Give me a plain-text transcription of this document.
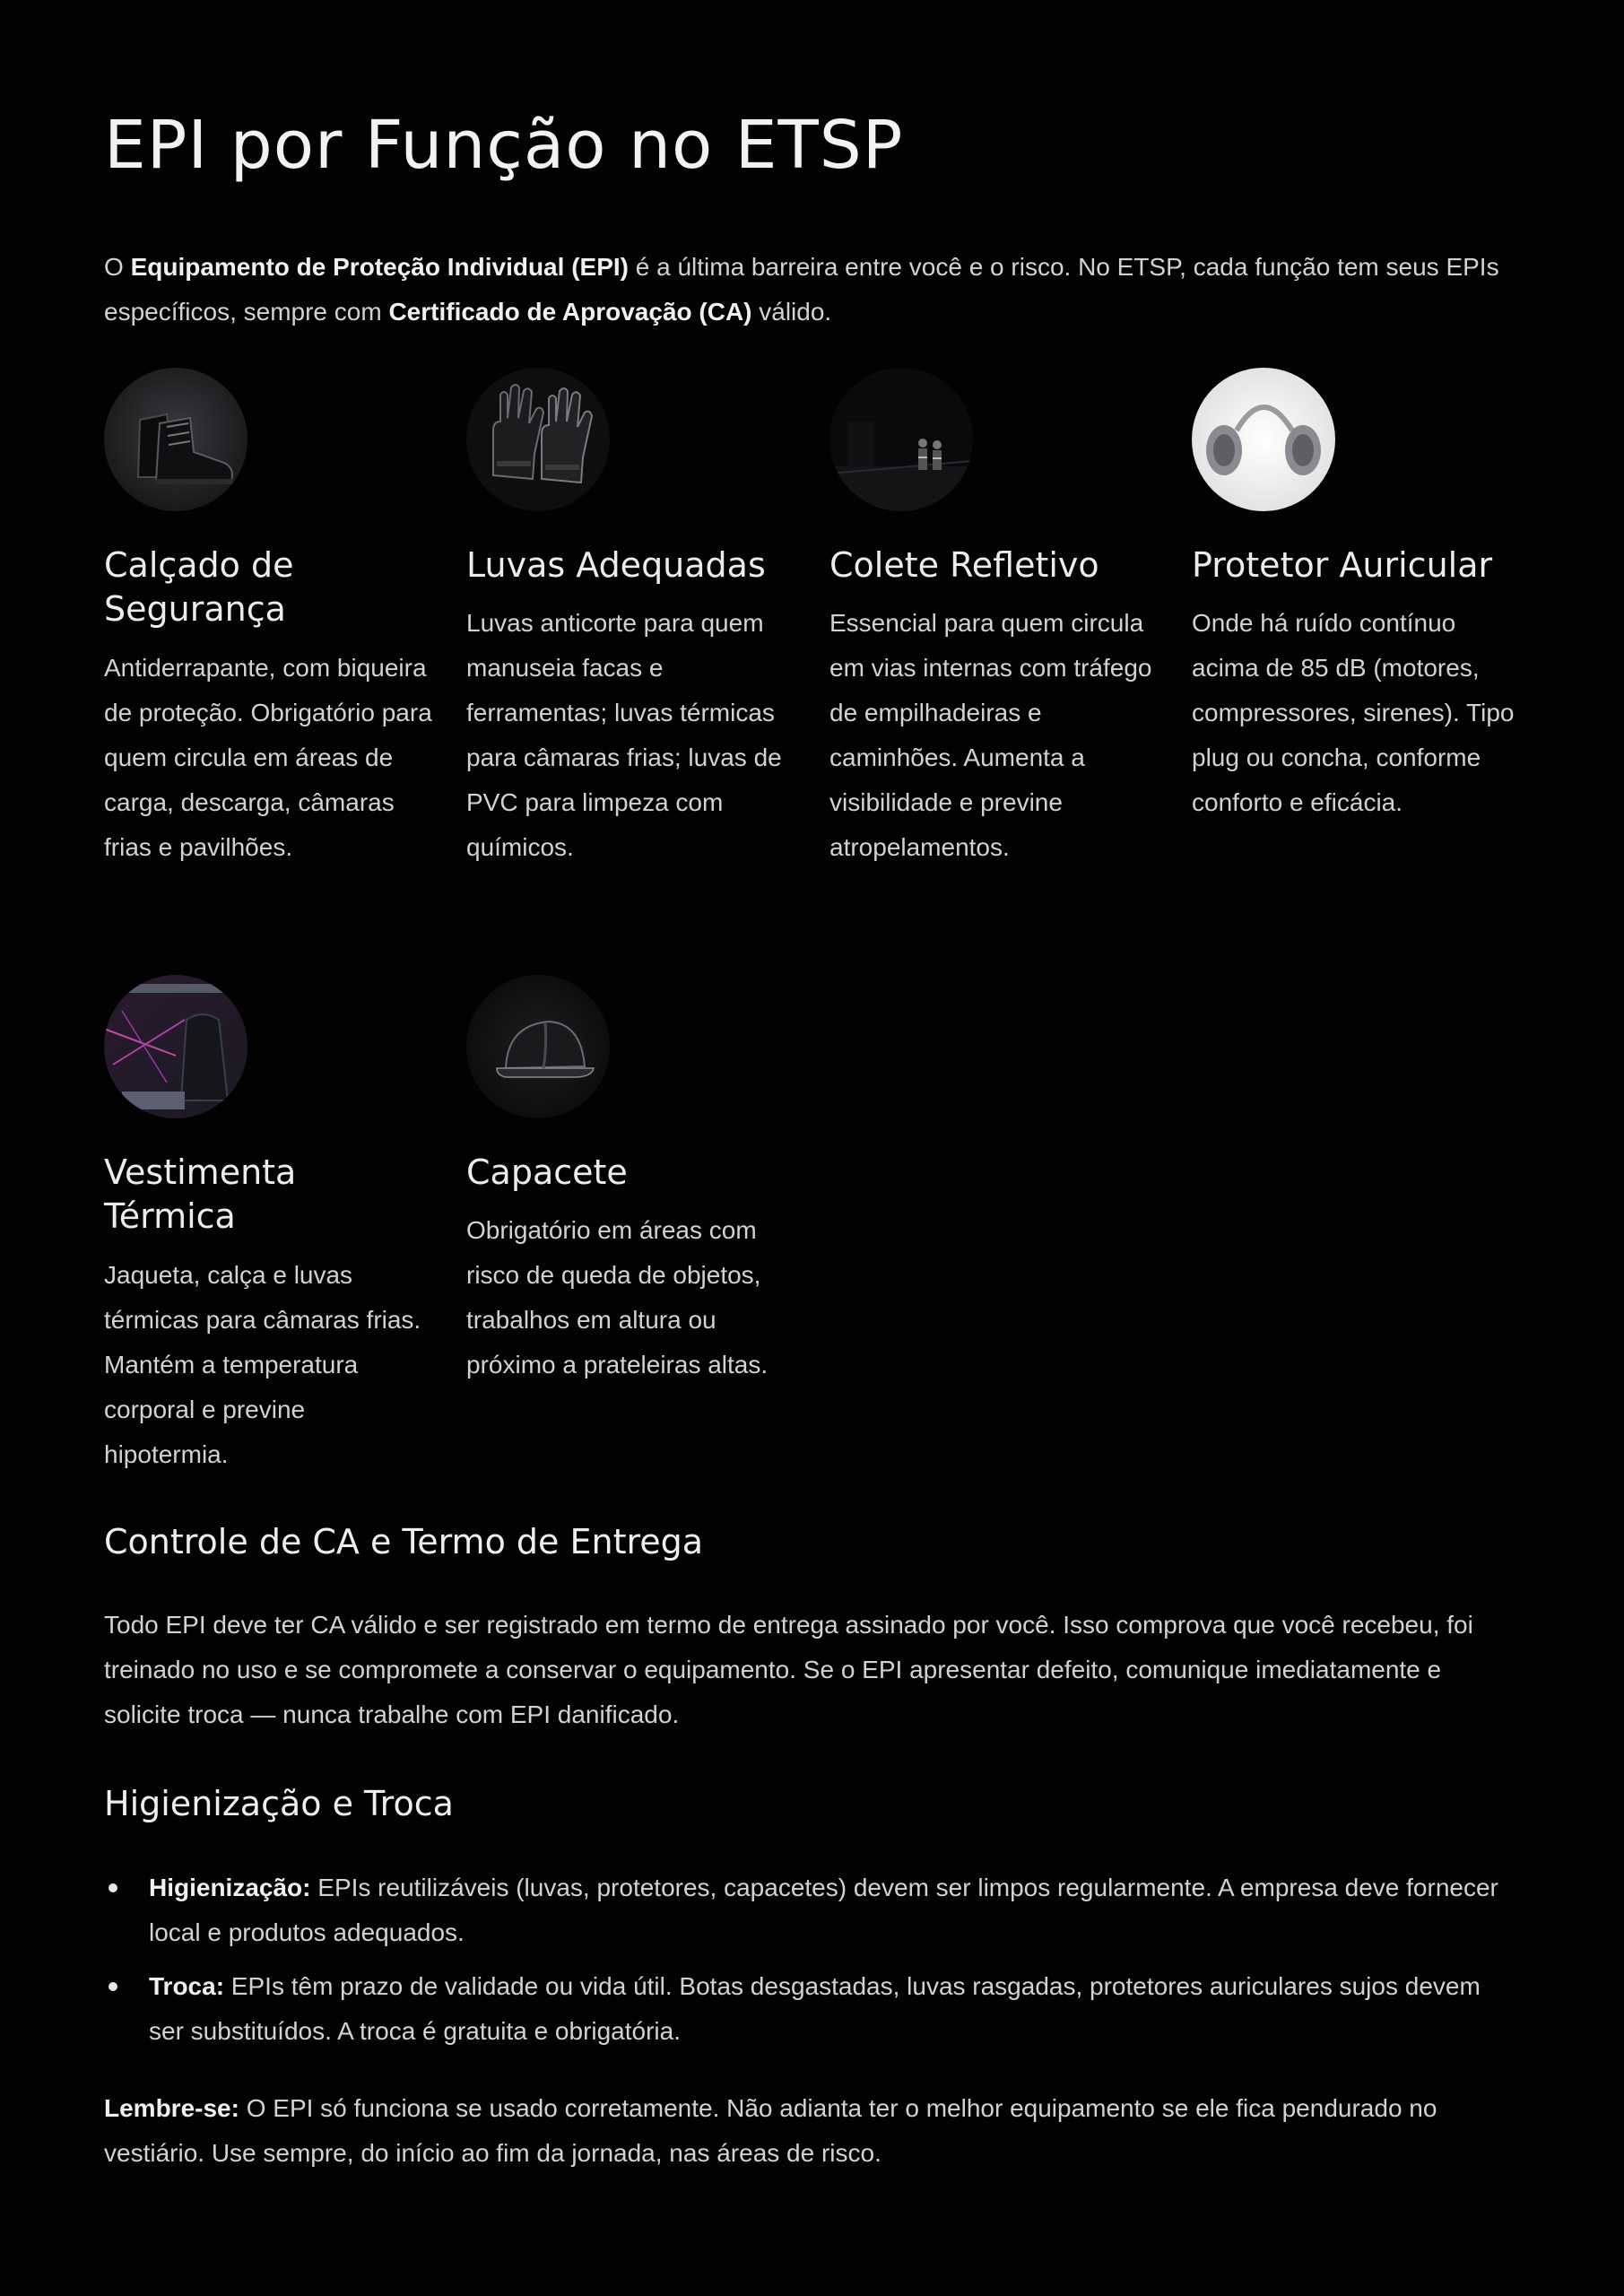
EPI por Função no ETSP

O Equipamento de Proteção Individual (EPI) é a última barreira entre você e o risco. No ETSP, cada função tem seus EPIs específicos, sempre com Certificado de Aprovação (CA) válido.

Calçado de Segurança

Antiderrapante, com biqueira de proteção. Obrigatório para quem circula em áreas de carga, descarga, câmaras frias e pavilhões.

Luvas Adequadas

Luvas anticorte para quem manuseia facas e ferramentas; luvas térmicas para câmaras frias; luvas de PVC para limpeza com químicos.

Colete Refletivo

Essencial para quem circula em vias internas com tráfego de empilhadeiras e caminhões. Aumenta a visibilidade e previne atropelamentos.

Protetor Auricular

Onde há ruído contínuo acima de 85 dB (motores, compressores, sirenes). Tipo plug ou concha, conforme conforto e eficácia.

Vestimenta Térmica

Jaqueta, calça e luvas térmicas para câmaras frias. Mantém a temperatura corporal e previne hipotermia.

Capacete

Obrigatório em áreas com risco de queda de objetos, trabalhos em altura ou próximo a prateleiras altas.

Controle de CA e Termo de Entrega

Todo EPI deve ter CA válido e ser registrado em termo de entrega assinado por você. Isso comprova que você recebeu, foi treinado no uso e se compromete a conservar o equipamento. Se o EPI apresentar defeito, comunique imediatamente e solicite troca — nunca trabalhe com EPI danificado.

Higienização e Troca
Higienização: EPIs reutilizáveis (luvas, protetores, capacetes) devem ser limpos regularmente. A empresa deve fornecer local e produtos adequados.
Troca: EPIs têm prazo de validade ou vida útil. Botas desgastadas, luvas rasgadas, protetores auriculares sujos devem ser substituídos. A troca é gratuita e obrigatória.

Lembre-se: O EPI só funciona se usado corretamente. Não adianta ter o melhor equipamento se ele fica pendurado no vestiário. Use sempre, do início ao fim da jornada, nas áreas de risco.
